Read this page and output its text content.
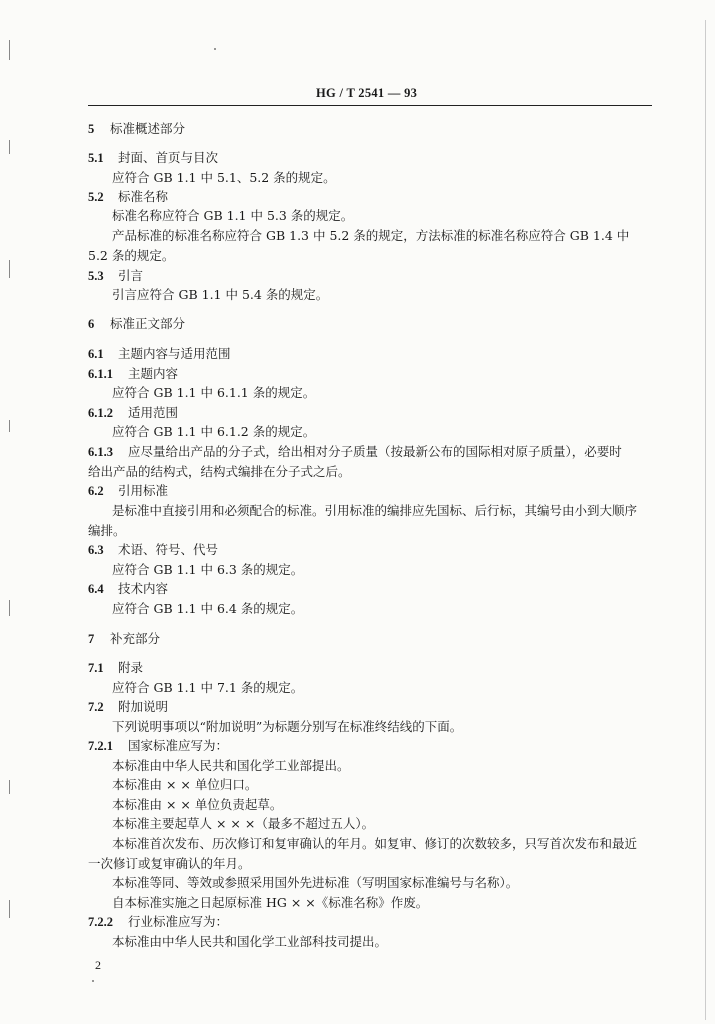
HG / T 2541 — 93
5 标准概述部分
5.1 封面、首页与目次
应符合 GB 1.1 中 5.1、5.2 条的规定。
5.2 标准名称
标准名称应符合 GB 1.1 中 5.3 条的规定。
产品标准的标准名称应符合 GB 1.3 中 5.2 条的规定，方法标准的标准名称应符合 GB 1.4 中
5.2 条的规定。
5.3 引言
引言应符合 GB 1.1 中 5.4 条的规定。
6 标准正文部分
6.1 主题内容与适用范围
6.1.1 主题内容
应符合 GB 1.1 中 6.1.1 条的规定。
6.1.2 适用范围
应符合 GB 1.1 中 6.1.2 条的规定。
6.1.3 应尽量给出产品的分子式，给出相对分子质量（按最新公布的国际相对原子质量），必要时
给出产品的结构式，结构式编排在分子式之后。
6.2 引用标准
是标准中直接引用和必须配合的标准。引用标准的编排应先国标、后行标，其编号由小到大顺序
编排。
6.3 术语、符号、代号
应符合 GB 1.1 中 6.3 条的规定。
6.4 技术内容
应符合 GB 1.1 中 6.4 条的规定。
7 补充部分
7.1 附录
应符合 GB 1.1 中 7.1 条的规定。
7.2 附加说明
下列说明事项以“附加说明”为标题分别写在标准终结线的下面。
7.2.1 国家标准应写为：
本标准由中华人民共和国化学工业部提出。
本标准由 × × 单位归口。
本标准由 × × 单位负责起草。
本标准主要起草人 × × ×（最多不超过五人）。
本标准首次发布、历次修订和复审确认的年月。如复审、修订的次数较多，只写首次发布和最近
一次修订或复审确认的年月。
本标准等同、等效或参照采用国外先进标准（写明国家标准编号与名称）。
自本标准实施之日起原标准 HG × ×《标准名称》作废。
7.2.2 行业标准应写为：
本标准由中华人民共和国化学工业部科技司提出。
2
